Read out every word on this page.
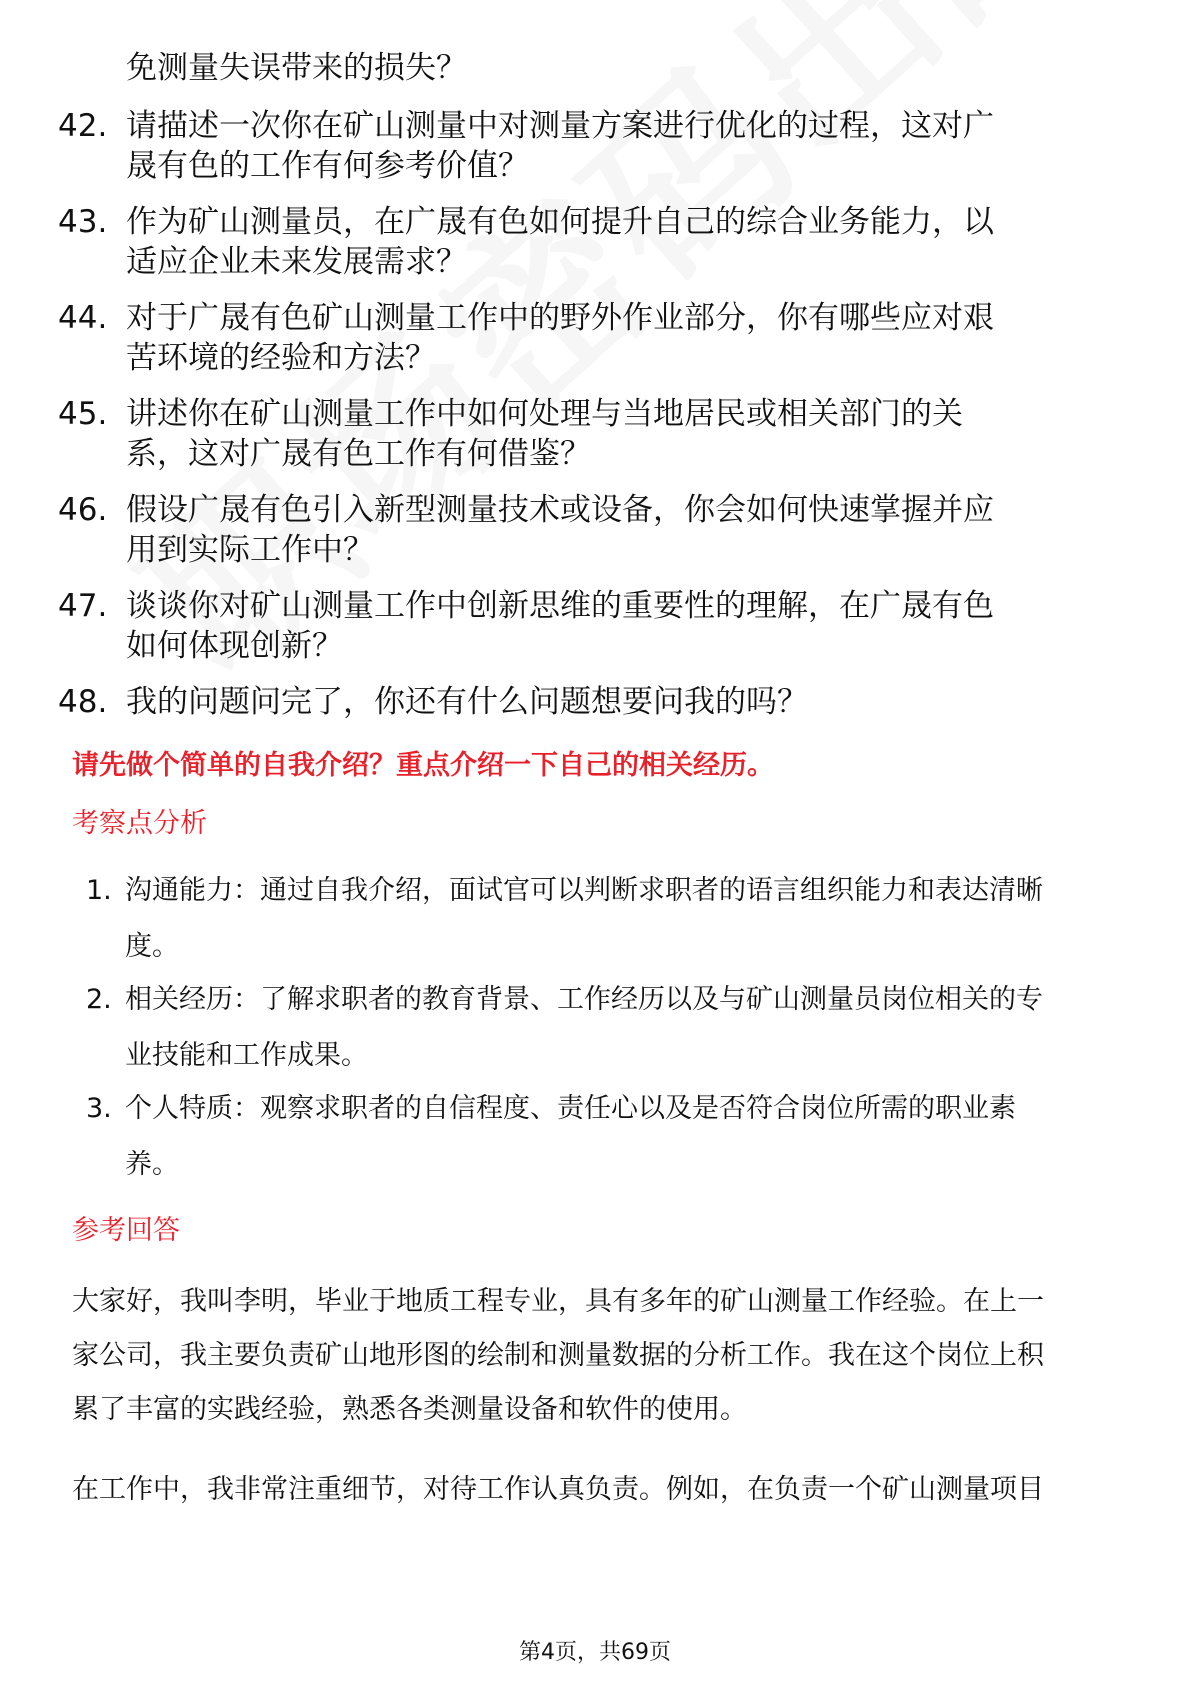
免测量失误带来的损失？
42. 请描述一次你在矿山测量中对测量方案进行优化的过程，这对广
晟有色的工作有何参考价值？
43. 作为矿山测量员，在广晟有色如何提升自己的综合业务能力，以
适应企业未来发展需求？
44. 对于广晟有色矿山测量工作中的野外作业部分，你有哪些应对艰
苦环境的经验和方法？
45. 讲述你在矿山测量工作中如何处理与当地居民或相关部门的关
系，这对广晟有色工作有何借鉴？
46. 假设广晟有色引入新型测量技术或设备，你会如何快速掌握并应
用到实际工作中？
47. 谈谈你对矿山测量工作中创新思维的重要性的理解，在广晟有色
如何体现创新？
48. 我的问题问完了，你还有什么问题想要问我的吗？
请先做个简单的自我介绍？重点介绍一下自己的相关经历。
考察点分析
1. 沟通能力：通过自我介绍，面试官可以判断求职者的语言组织能力和表达清晰
度。
2. 相关经历：了解求职者的教育背景、工作经历以及与矿山测量员岗位相关的专
业技能和工作成果。
3. 个人特质：观察求职者的自信程度、责任心以及是否符合岗位所需的职业素
养。
参考回答
大家好，我叫李明，毕业于地质工程专业，具有多年的矿山测量工作经验。在上一
家公司，我主要负责矿山地形图的绘制和测量数据的分析工作。我在这个岗位上积
累了丰富的实践经验，熟悉各类测量设备和软件的使用。
在工作中，我非常注重细节，对待工作认真负责。例如，在负责一个矿山测量项目
第4页，共69页
